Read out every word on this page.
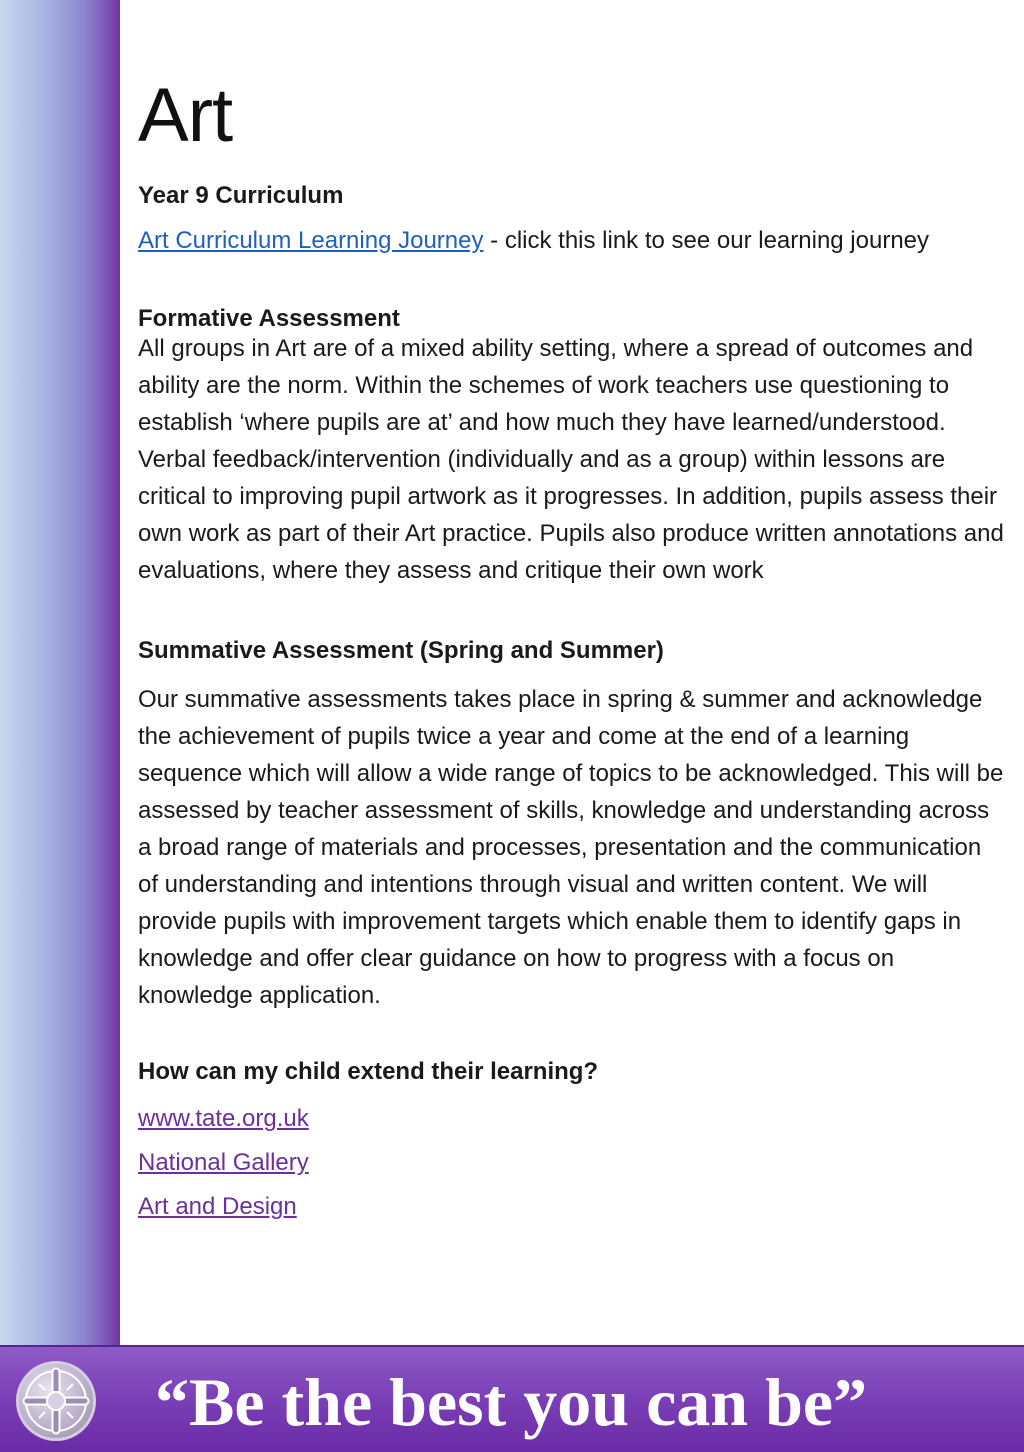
Art
Year 9 Curriculum
Art Curriculum Learning Journey - click this link to see our learning journey
Formative Assessment

All groups in Art are of a mixed ability setting, where a spread of outcomes and ability are the norm. Within the schemes of work teachers use questioning to establish ‘where pupils are at’ and how much they have learned/understood. Verbal feedback/intervention (individually and as a group) within lessons are critical to improving pupil artwork as it progresses. In addition, pupils assess their own work as part of their Art practice. Pupils also produce written annotations and evaluations, where they assess and critique their own work

Summative Assessment (Spring and Summer)

Our summative assessments takes place in spring & summer and acknowledge the achievement of pupils twice a year and come at the end of a learning sequence which will allow a wide range of topics to be acknowledged. This will be assessed by teacher assessment of skills, knowledge and understanding across a broad range of materials and processes, presentation and the communication of understanding and intentions through visual and written content. We will provide pupils with improvement targets which enable them to identify gaps in knowledge and offer clear guidance on how to progress with a focus on knowledge application.

How can my child extend their learning?
www.tate.org.uk
National Gallery
Art and Design
“Be the best you can be”
